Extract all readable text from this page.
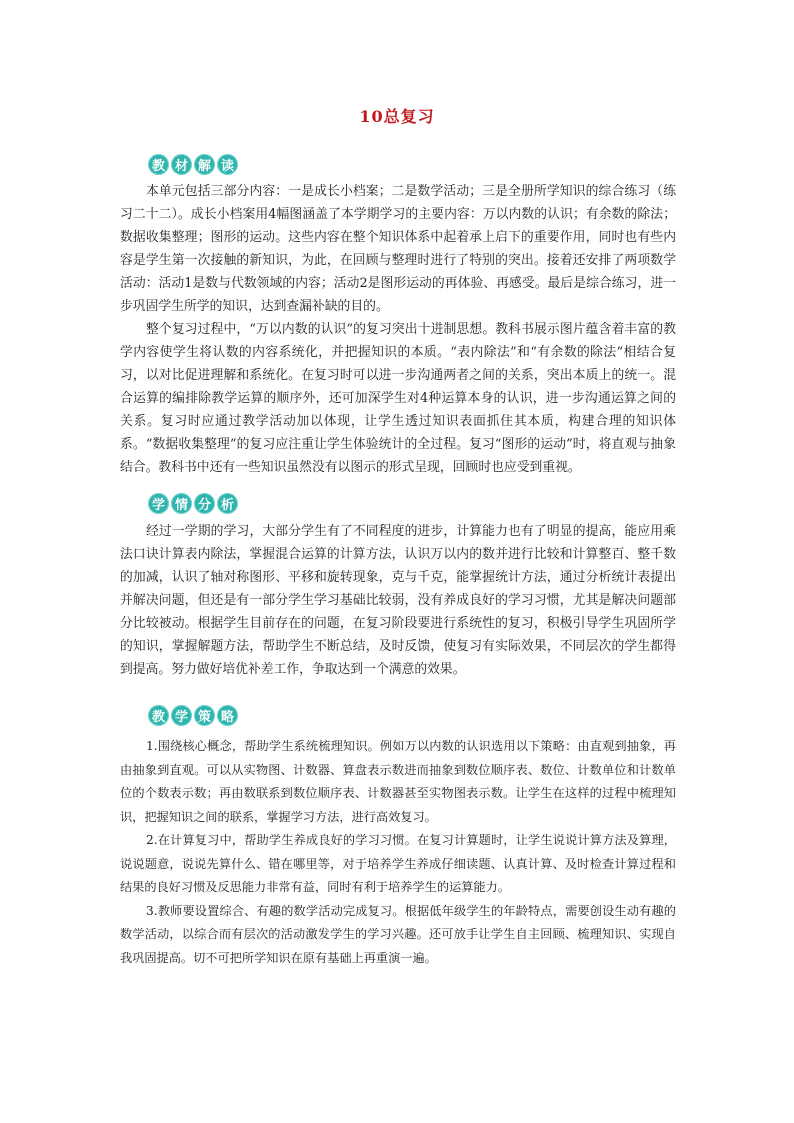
10总复习
教 材 解 读

本单元包括三部分内容：一是成长小档案；二是数学活动；三是全册所学知识的综合练习（练习二十二）。成长小档案用4幅图涵盖了本学期学习的主要内容：万以内数的认识；有余数的除法；数据收集整理；图形的运动。这些内容在整个知识体系中起着承上启下的重要作用，同时也有些内容是学生第一次接触的新知识，为此，在回顾与整理时进行了特别的突出。接着还安排了两项数学活动：活动1是数与代数领域的内容；活动2是图形运动的再体验、再感受。最后是综合练习，进一步巩固学生所学的知识，达到查漏补缺的目的。

整个复习过程中，“万以内数的认识”的复习突出十进制思想。教科书展示图片蕴含着丰富的教学内容使学生将认数的内容系统化，并把握知识的本质。“表内除法”和“有余数的除法”相结合复习，以对比促进理解和系统化。在复习时可以进一步沟通两者之间的关系，突出本质上的统一。混合运算的编排除教学运算的顺序外，还可加深学生对4种运算本身的认识，进一步沟通运算之间的关系。复习时应通过教学活动加以体现，让学生透过知识表面抓住其本质，构建合理的知识体系。“数据收集整理”的复习应注重让学生体验统计的全过程。复习“图形的运动”时，将直观与抽象结合。教科书中还有一些知识虽然没有以图示的形式呈现，回顾时也应受到重视。

学 情 分 析

经过一学期的学习，大部分学生有了不同程度的进步，计算能力也有了明显的提高，能应用乘法口诀计算表内除法，掌握混合运算的计算方法，认识万以内的数并进行比较和计算整百、整千数的加减，认识了轴对称图形、平移和旋转现象，克与千克，能掌握统计方法，通过分析统计表提出并解决问题，但还是有一部分学生学习基础比较弱，没有养成良好的学习习惯，尤其是解决问题部分比较被动。根据学生目前存在的问题，在复习阶段要进行系统性的复习，积极引导学生巩固所学的知识，掌握解题方法，帮助学生不断总结，及时反馈，使复习有实际效果，不同层次的学生都得到提高。努力做好培优补差工作，争取达到一个满意的效果。

教 学 策 略

1.围绕核心概念，帮助学生系统梳理知识。例如万以内数的认识选用以下策略：由直观到抽象，再由抽象到直观。可以从实物图、计数器、算盘表示数进而抽象到数位顺序表、数位、计数单位和计数单位的个数表示数；再由数联系到数位顺序表、计数器甚至实物图表示数。让学生在这样的过程中梳理知识，把握知识之间的联系，掌握学习方法，进行高效复习。

2.在计算复习中，帮助学生养成良好的学习习惯。在复习计算题时，让学生说说计算方法及算理，说说题意，说说先算什么、错在哪里等，对于培养学生养成仔细读题、认真计算、及时检查计算过程和结果的良好习惯及反思能力非常有益，同时有利于培养学生的运算能力。

3.教师要设置综合、有趣的数学活动完成复习。根据低年级学生的年龄特点，需要创设生动有趣的数学活动，以综合而有层次的活动激发学生的学习兴趣。还可放手让学生自主回顾、梳理知识、实现自我巩固提高。切不可把所学知识在原有基础上再重演一遍。
